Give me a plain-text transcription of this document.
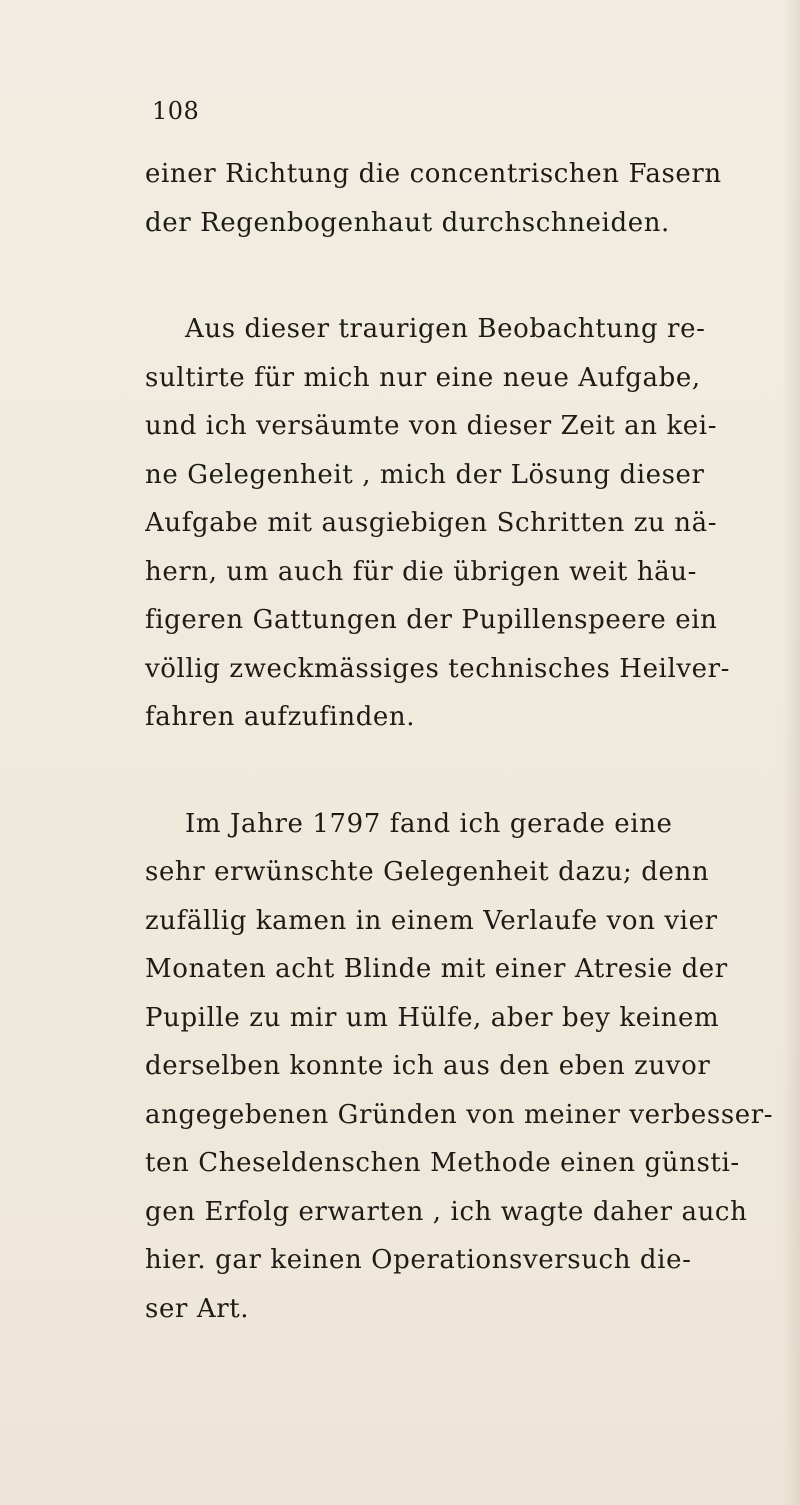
108
einer Richtung die concentrischen Fasern
der Regenbogenhaut durchschneiden.
Aus dieser traurigen Beobachtung re-
sultirte für mich nur eine neue Aufgabe,
und ich versäumte von dieser Zeit an kei-
ne Gelegenheit , mich der Lösung dieser
Aufgabe mit ausgiebigen Schritten zu nä-
hern, um auch für die übrigen weit häu-
figeren Gattungen der Pupillenspeere ein
völlig zweckmässiges technisches Heilver-
fahren aufzufinden.
Im Jahre 1797 fand ich gerade eine
sehr erwünschte Gelegenheit dazu; denn
zufällig kamen in einem Verlaufe von vier
Monaten acht Blinde mit einer Atresie der
Pupille zu mir um Hülfe, aber bey keinem
derselben konnte ich aus den eben zuvor
angegebenen Gründen von meiner verbesser-
ten Cheseldenschen Methode einen günsti-
gen Erfolg erwarten , ich wagte daher auch
hier. gar keinen Operationsversuch die-
ser Art.
